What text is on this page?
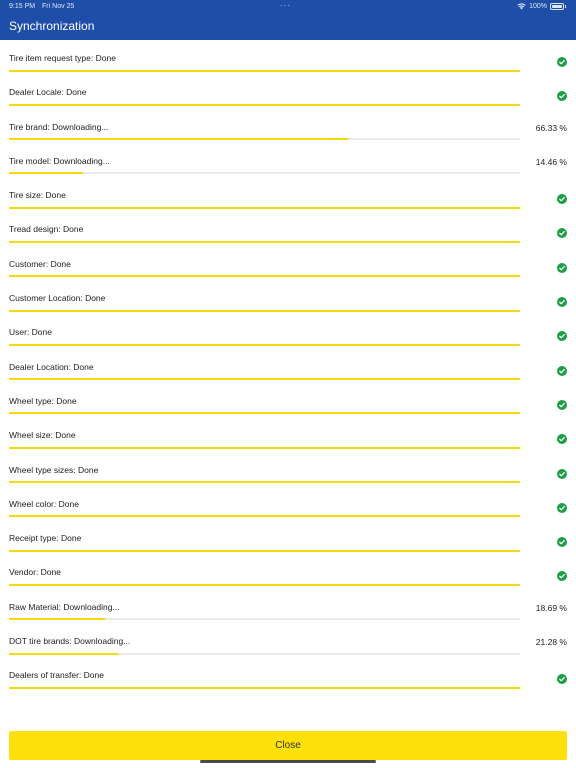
9:15 PM Fri Nov 25	···	100%
Synchronization
Tire item request type: Done
Dealer Locale: Done
Tire brand: Downloading...	66.33 %
Tire model: Downloading...	14.46 %
Tire size: Done
Tread design: Done
Customer: Done
Customer Location: Done
User: Done
Dealer Location: Done
Wheel type: Done
Wheel size: Done
Wheel type sizes: Done
Wheel color: Done
Receipt type: Done
Vendor: Done
Raw Material: Downloading...	18.69 %
DOT tire brands: Downloading...	21.28 %
Dealers of transfer: Done
Close
